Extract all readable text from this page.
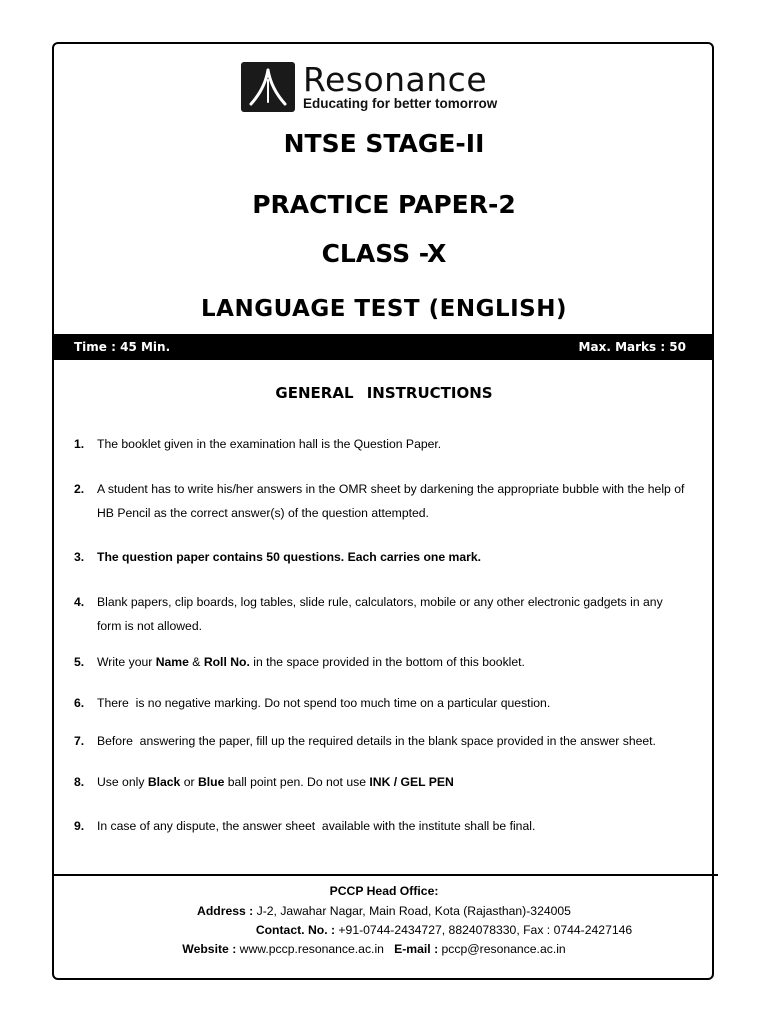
Resonance
Educating for better tomorrow
NTSE STAGE-II
PRACTICE PAPER-2
CLASS -X
LANGUAGE TEST (ENGLISH)
Time : 45 Min.	Max. Marks : 50
GENERAL INSTRUCTIONS
1. The booklet given in the examination hall is the Question Paper.
2. A student has to write his/her answers in the OMR sheet by darkening the appropriate bubble with the help of
HB Pencil as the correct answer(s) of the question attempted.
3. The question paper contains 50 questions. Each carries one mark.
4. Blank papers, clip boards, log tables, slide rule, calculators, mobile or any other electronic gadgets in any
form is not allowed.
5. Write your Name & Roll No. in the space provided in the bottom of this booklet.
6. There  is no negative marking. Do not spend too much time on a particular question.
7. Before  answering the paper, fill up the required details in the blank space provided in the answer sheet.
8. Use only Black or Blue ball point pen. Do not use INK / GEL PEN
9. In case of any dispute, the answer sheet  available with the institute shall be final.
PCCP Head Office:
Address : J-2, Jawahar Nagar, Main Road, Kota (Rajasthan)-324005
Contact. No. : +91-0744-2434727, 8824078330, Fax : 0744-2427146
Website : www.pccp.resonance.ac.in E-mail : pccp@resonance.ac.in
